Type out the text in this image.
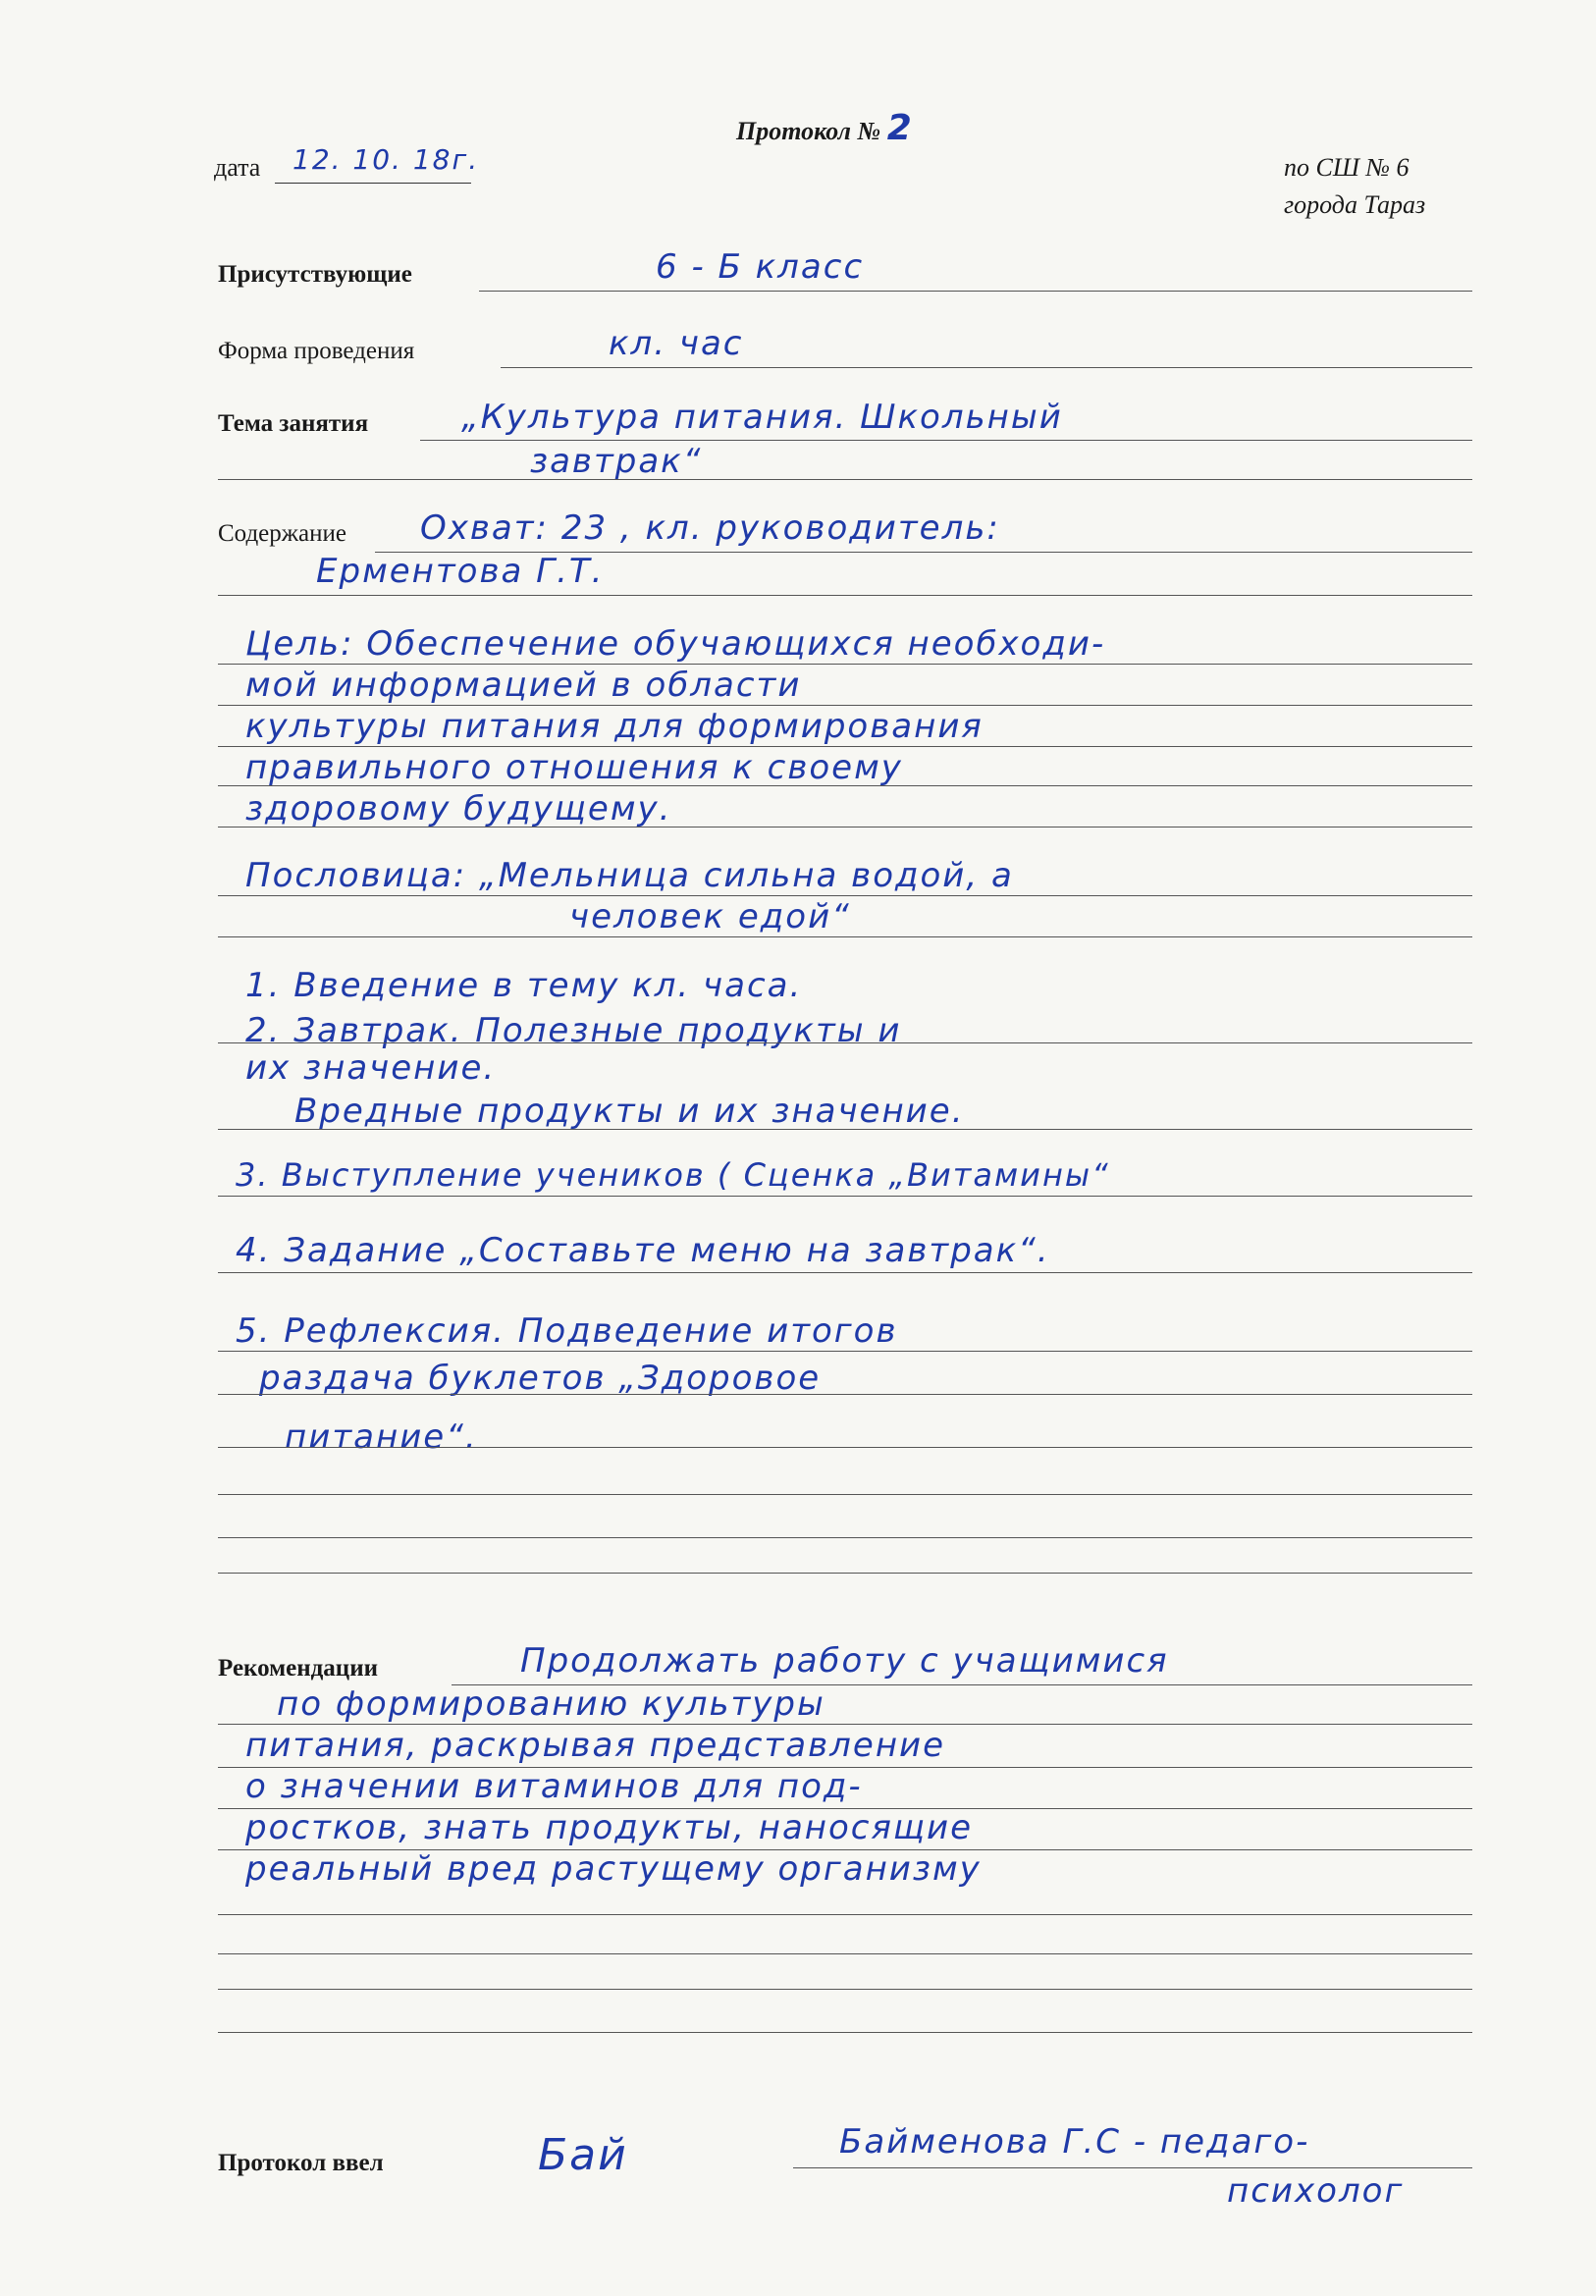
Протокол № 2
дата 12. 10. 18г.	по СШ № 6
города Тараз
Присутствующие	6 - Б класс
Форма проведения	кл. час
Тема занятия	„Культура питания. Школьный
завтрак“
Содержание Охват: 23 , кл. руководитель:
Ерментова Г.Т.
Цель: Обеспечение обучающихся необходи-
мой информацией в области
культуры питания для формирования
правильного отношения к своему
здоровому будущему.
Пословица: „Мельница сильна водой, а
человек едой“
1. Введение в тему кл. часа.
2. Завтрак. Полезные продукты и
их значение.
Вредные продукты и их значение.
3. Выступление учеников ( Сценка „Витамины“
4. Задание „Составьте меню на завтрак“.
5. Рефлексия. Подведение итогов
раздача буклетов „Здоровое
питание“.
Рекомендации	Продолжать работу с учащимися
по формированию культуры
питания, раскрывая представление
о значении витаминов для под-
ростков, знать продукты, наносящие
реальный вред растущему организму
Протокол ввел	Бай	Байменова Г.С - педаго-
психолог
